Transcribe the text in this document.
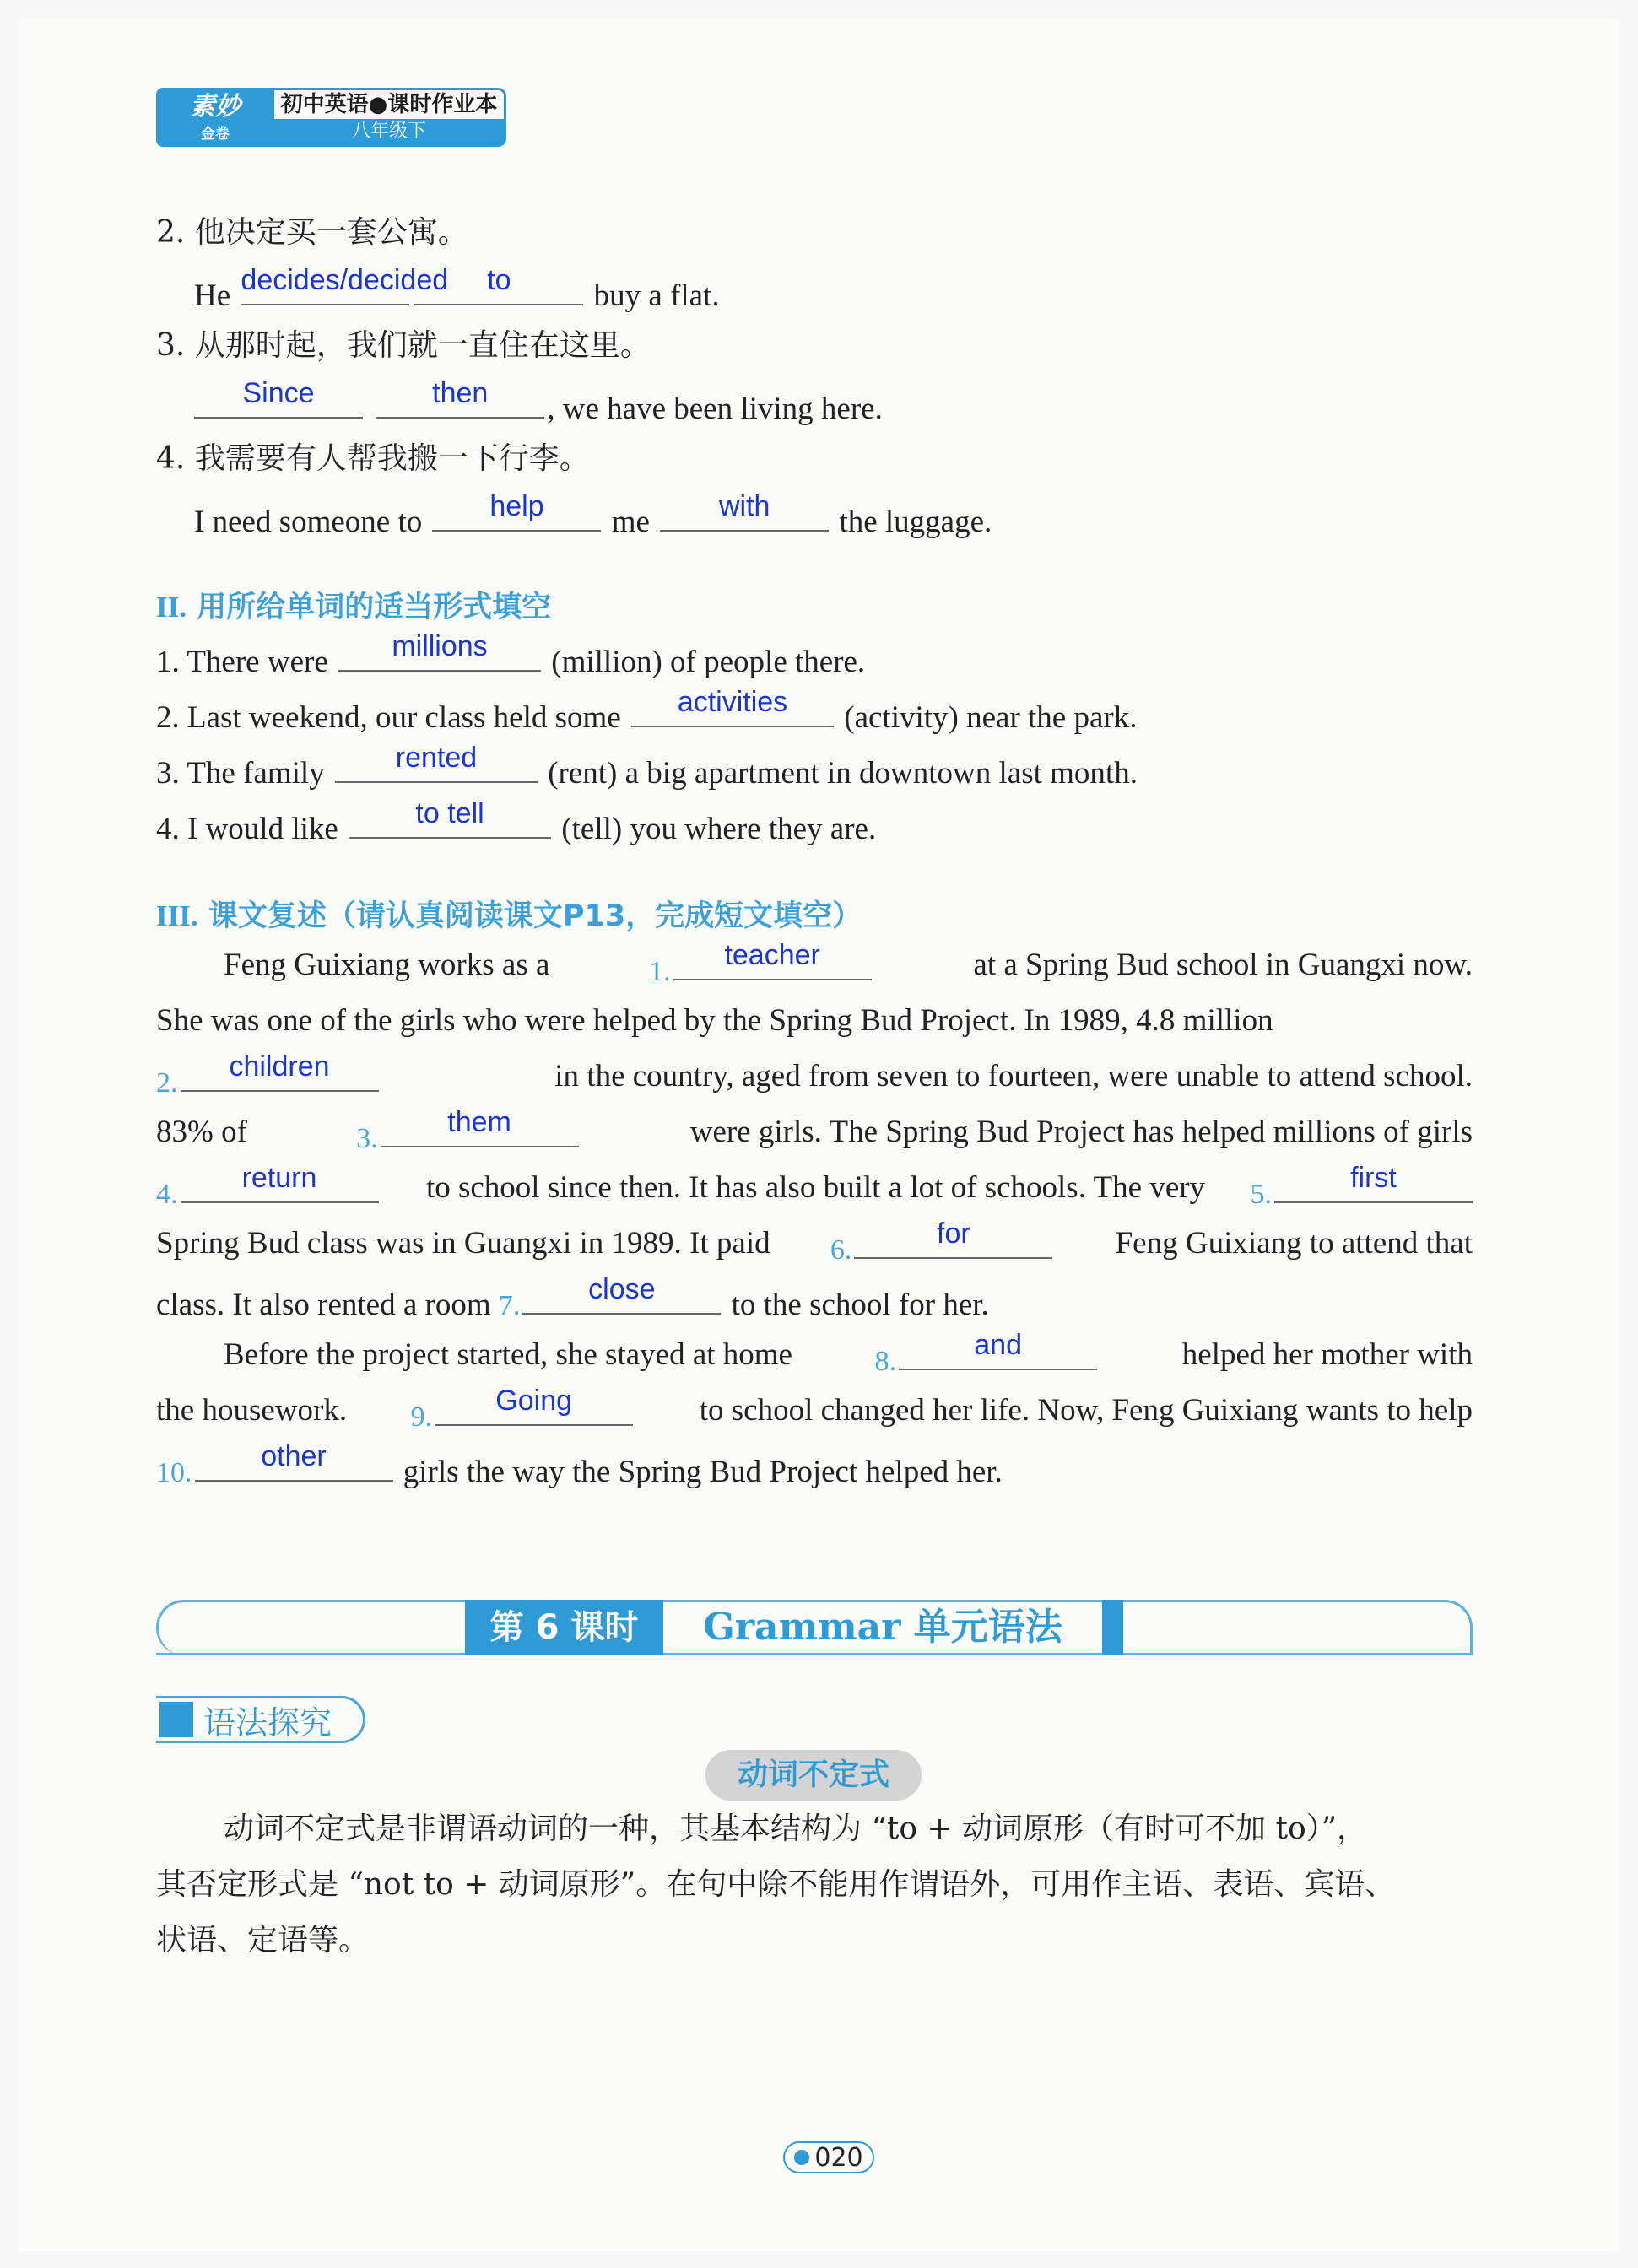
素妙
金卷
初中英语●课时作业本
八年级下
2. 他决定买一套公寓。
He decides/decided	to	buy a flat.
3. 从那时起，我们就一直住在这里。
Since
	then	, we have been living here.
4. 我需要有人帮我搬一下行李。
I need someone to	help	me	with	the luggage.
II. 用所给单词的适当形式填空
1. There were	millions	(million) of people there.
2. Last weekend, our class held some	activities	(activity) near the park.
3. The family	rented	(rent) a big apartment in downtown last month.
4. I would like	to tell	(tell) you where they are.
III. 课文复述（请认真阅读课文P13，完成短文填空）
Feng Guixiang works as a	1.
teacher	at a Spring Bud school in Guangxi now.
She was one of the girls who were helped by the Spring Bud Project. In 1989, 4.8 million
2.
children	in the country, aged from seven to fourteen, were unable to attend school.
83% of	3.
them	were girls. The Spring Bud Project has helped millions of girls
4.
return	to school since then. It has also built a lot of schools. The very 5.
first
Spring Bud class was in Guangxi in 1989. It paid 6.
for	Feng Guixiang to attend that
class. It also rented a room 7.
close	to the school for her.
Before the project started, she stayed at home	8.
and	helped her mother with
the housework. 9.
Going	to school changed her life. Now, Feng Guixiang wants to help
10.
other	girls the way the Spring Bud Project helped her.
第 6 课时	Grammar 单元语法
语法探究
动词不定式
动词不定式是非谓语动词的一种，其基本结构为 “to + 动词原形（有时可不加 to）”，
其否定形式是 “not to + 动词原形”。在句中除不能用作谓语外，可用作主语、表语、宾语、
状语、定语等。
020
